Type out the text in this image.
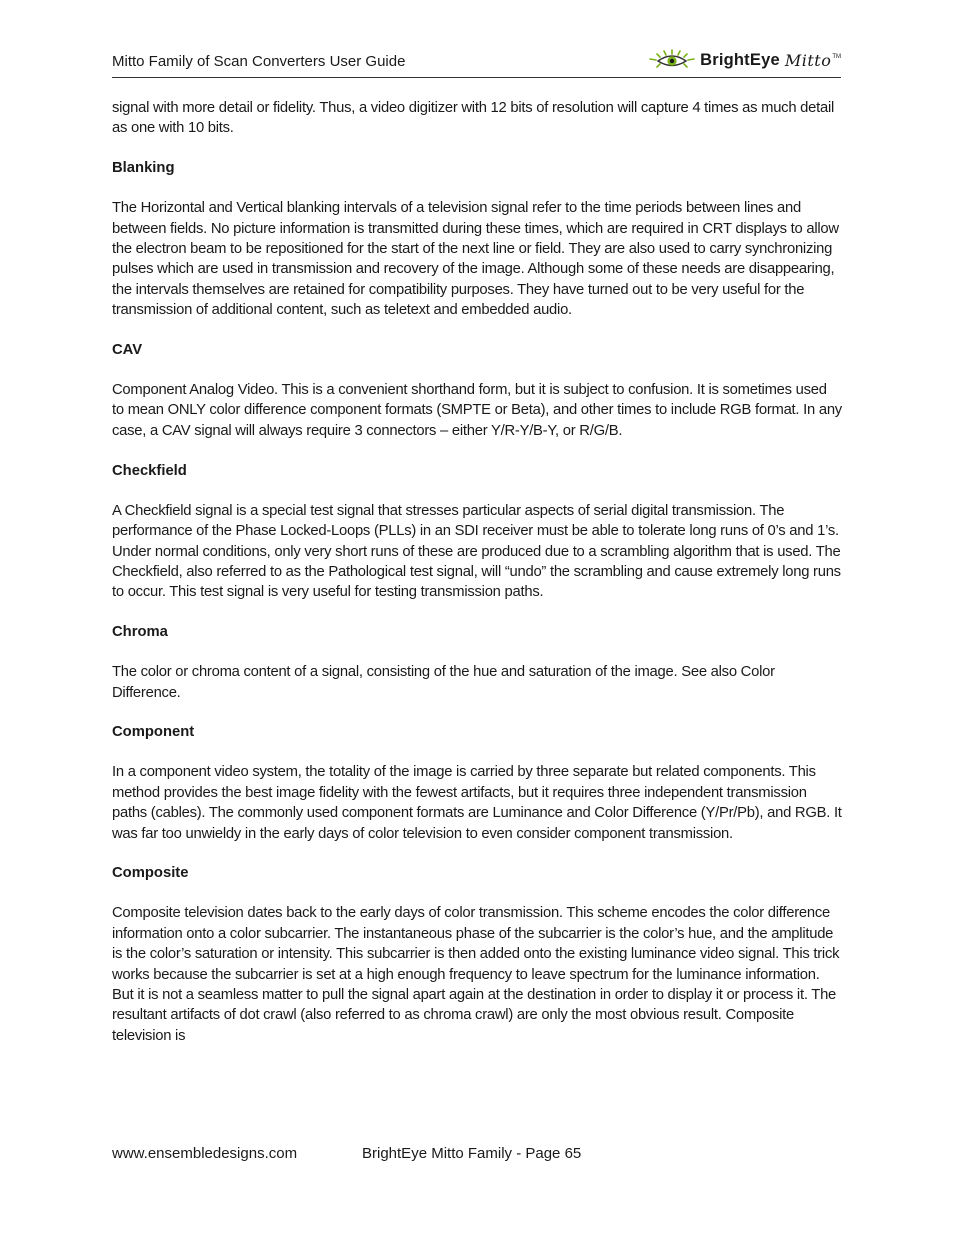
Mitto Family of Scan Converters User Guide	BrightEye Mitto TM

signal with more detail or fidelity. Thus, a video digitizer with 12 bits of resolution will capture 4 times as much detail as one with 10 bits.

Blanking

The Horizontal and Vertical blanking intervals of a television signal refer to the time periods between lines and between fields. No picture information is transmitted during these times, which are required in CRT displays to allow the electron beam to be repositioned for the start of the next line or field. They are also used to carry synchronizing pulses which are used in transmission and recovery of the image. Although some of these needs are disappearing, the intervals themselves are retained for compatibility purposes. They have turned out to be very useful for the transmission of additional content, such as teletext and embedded audio.

CAV

Component Analog Video. This is a convenient shorthand form, but it is subject to confusion. It is sometimes used to mean ONLY color difference component formats (SMPTE or Beta), and other times to include RGB format. In any case, a CAV signal will always require 3 connectors – either Y/R-Y/B-Y, or R/G/B.

Checkfield

A Checkfield signal is a special test signal that stresses particular aspects of serial digital transmission. The performance of the Phase Locked-Loops (PLLs) in an SDI receiver must be able to tolerate long runs of 0’s and 1’s. Under normal conditions, only very short runs of these are produced due to a scrambling algorithm that is used. The Checkfield, also referred to as the Pathological test signal, will “undo” the scrambling and cause extremely long runs to occur. This test signal is very useful for testing transmission paths.

Chroma

The color or chroma content of a signal, consisting of the hue and saturation of the image. See also Color Difference.

Component

In a component video system, the totality of the image is carried by three separate but related components. This method provides the best image fidelity with the fewest artifacts, but it requires three independent transmission paths (cables). The commonly used component formats are Luminance and Color Difference (Y/Pr/Pb), and RGB. It was far too unwieldy in the early days of color television to even consider component transmission.

Composite

Composite television dates back to the early days of color transmission. This scheme encodes the color difference information onto a color subcarrier. The instantaneous phase of the subcarrier is the color’s hue, and the amplitude is the color’s saturation or intensity. This subcarrier is then added onto the existing luminance video signal. This trick works because the subcarrier is set at a high enough frequency to leave spectrum for the luminance information. But it is not a seamless matter to pull the signal apart again at the destination in order to display it or process it. The resultant artifacts of dot crawl (also referred to as chroma crawl) are only the most obvious result. Composite television is

www.ensembledesigns.com	BrightEye Mitto Family - Page 65
